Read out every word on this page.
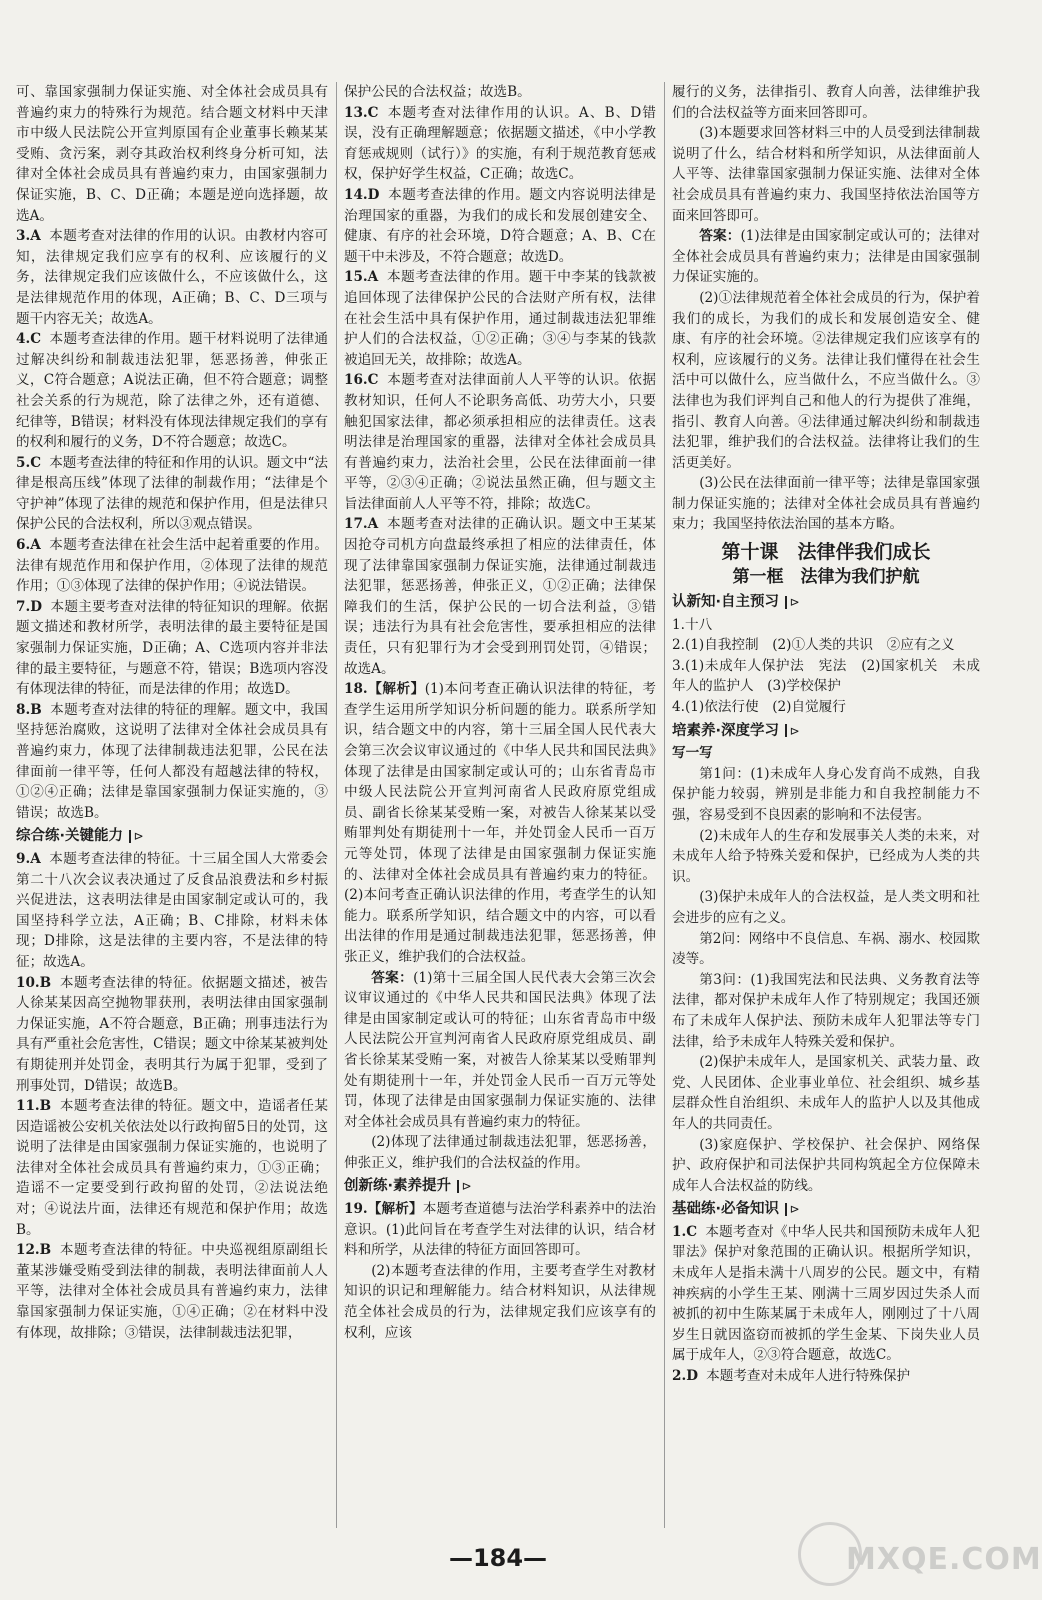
可、靠国家强制力保证实施、对全体社会成员具有普遍约束力的特殊行为规范。结合题文材料中天津市中级人民法院公开宣判原国有企业董事长赖某某受贿、贪污案，剥夺其政治权利终身分析可知，法律对全体社会成员具有普遍约束力，由国家强制力保证实施，B、C、D正确；本题是逆向选择题，故选A。

3.A 本题考查对法律的作用的认识。由教材内容可知，法律规定我们应享有的权利、应该履行的义务，法律规定我们应该做什么，不应该做什么，这是法律规范作用的体现，A正确；B、C、D三项与题干内容无关；故选A。

4.C 本题考查法律的作用。题干材料说明了法律通过解决纠纷和制裁违法犯罪，惩恶扬善，伸张正义，C符合题意；A说法正确，但不符合题意；调整社会关系的行为规范，除了法律之外，还有道德、纪律等，B错误；材料没有体现法律规定我们的享有的权利和履行的义务，D不符合题意；故选C。

5.C 本题考查法律的特征和作用的认识。题文中“法律是根高压线”体现了法律的制裁作用；“法律是个守护神”体现了法律的规范和保护作用，但是法律只保护公民的合法权利，所以③观点错误。

6.A 本题考查法律在社会生活中起着重要的作用。法律有规范作用和保护作用，②体现了法律的规范作用；①③体现了法律的保护作用；④说法错误。

7.D 本题主要考查对法律的特征知识的理解。依据题文描述和教材所学，表明法律的最主要特征是国家强制力保证实施，D正确；A、C选项内容并非法律的最主要特征，与题意不符，错误；B选项内容没有体现法律的特征，而是法律的作用；故选D。

8.B 本题考查对法律的特征的理解。题文中，我国坚持惩治腐败，这说明了法律对全体社会成员具有普遍约束力，体现了法律制裁违法犯罪，公民在法律面前一律平等，任何人都没有超越法律的特权，①②④正确；法律是靠国家强制力保证实施的，③错误；故选B。

综合练·关键能力 ⊳

9.A 本题考查法律的特征。十三届全国人大常委会第二十八次会议表决通过了反食品浪费法和乡村振兴促进法，这表明法律是由国家制定或认可的，我国坚持科学立法，A正确；B、C排除，材料未体现；D排除，这是法律的主要内容，不是法律的特征；故选A。

10.B 本题考查法律的特征。依据题文描述，被告人徐某某因高空抛物罪获刑，表明法律由国家强制力保证实施，A不符合题意，B正确；刑事违法行为具有严重社会危害性，C错误；题文中徐某某被判处有期徒刑并处罚金，表明其行为属于犯罪，受到了刑事处罚，D错误；故选B。

11.B 本题考查法律的特征。题文中，造谣者任某因造谣被公安机关依法处以行政拘留5日的处罚，这说明了法律是由国家强制力保证实施的，也说明了法律对全体社会成员具有普遍约束力，①③正确；造谣不一定要受到行政拘留的处罚，②法说法绝对；④说法片面，法律还有规范和保护作用；故选B。

12.B 本题考查法律的特征。中央巡视组原副组长董某涉嫌受贿受到法律的制裁，表明法律面前人人平等，法律对全体社会成员具有普遍约束力，法律靠国家强制力保证实施，①④正确；②在材料中没有体现，故排除；③错误，法律制裁违法犯罪，

保护公民的合法权益；故选B。

13.C 本题考查对法律作用的认识。A、B、D错误，没有正确理解题意；依据题文描述，《中小学教育惩戒规则（试行）》的实施，有利于规范教育惩戒权，保护好学生权益，C正确；故选C。

14.D 本题考查法律的作用。题文内容说明法律是治理国家的重器，为我们的成长和发展创建安全、健康、有序的社会环境，D符合题意；A、B、C在题干中未涉及，不符合题意；故选D。

15.A 本题考查法律的作用。题干中李某的钱款被追回体现了法律保护公民的合法财产所有权，法律在社会生活中具有保护作用，通过制裁违法犯罪维护人们的合法权益，①②正确；③④与李某的钱款被追回无关，故排除；故选A。

16.C 本题考查对法律面前人人平等的认识。依据教材知识，任何人不论职务高低、功劳大小，只要触犯国家法律，都必须承担相应的法律责任。这表明法律是治理国家的重器，法律对全体社会成员具有普遍约束力，法治社会里，公民在法律面前一律平等，②③④正确；②说法虽然正确，但与题文主旨法律面前人人平等不符，排除；故选C。

17.A 本题考查对法律的正确认识。题文中王某某因抢夺司机方向盘最终承担了相应的法律责任，体现了法律靠国家强制力保证实施，法律通过制裁违法犯罪，惩恶扬善，伸张正义，①②正确；法律保障我们的生活，保护公民的一切合法利益，③错误；违法行为具有社会危害性，要承担相应的法律责任，只有犯罪行为才会受到刑罚处罚，④错误；故选A。

18.【解析】(1)本问考查正确认识法律的特征，考查学生运用所学知识分析问题的能力。联系所学知识，结合题文中的内容，第十三届全国人民代表大会第三次会议审议通过的《中华人民共和国民法典》体现了法律是由国家制定或认可的；山东省青岛市中级人民法院公开宣判河南省人民政府原党组成员、副省长徐某某受贿一案，对被告人徐某某以受贿罪判处有期徒刑十一年，并处罚金人民币一百万元等处罚，体现了法律是由国家强制力保证实施的、法律对全体社会成员具有普遍约束力的特征。(2)本问考查正确认识法律的作用，考查学生的认知能力。联系所学知识，结合题文中的内容，可以看出法律的作用是通过制裁违法犯罪，惩恶扬善，伸张正义，维护我们的合法权益。

答案：(1)第十三届全国人民代表大会第三次会议审议通过的《中华人民共和国民法典》体现了法律是由国家制定或认可的特征；山东省青岛市中级人民法院公开宣判河南省人民政府原党组成员、副省长徐某某受贿一案，对被告人徐某某以受贿罪判处有期徒刑十一年，并处罚金人民币一百万元等处罚，体现了法律是由国家强制力保证实施的、法律对全体社会成员具有普遍约束力的特征。

(2)体现了法律通过制裁违法犯罪，惩恶扬善，伸张正义，维护我们的合法权益的作用。

创新练·素养提升 ⊳

19.【解析】本题考查道德与法治学科素养中的法治意识。(1)此问旨在考查学生对法律的认识，结合材料和所学，从法律的特征方面回答即可。

(2)本题考查法律的作用，主要考查学生对教材知识的识记和理解能力。结合材料知识，从法律规范全体社会成员的行为，法律规定我们应该享有的权利，应该

履行的义务，法律指引、教育人向善，法律维护我们的合法权益等方面来回答即可。

(3)本题要求回答材料三中的人员受到法律制裁说明了什么，结合材料和所学知识，从法律面前人人平等、法律靠国家强制力保证实施、法律对全体社会成员具有普遍约束力、我国坚持依法治国等方面来回答即可。

答案：(1)法律是由国家制定或认可的；法律对全体社会成员具有普遍约束力；法律是由国家强制力保证实施的。

(2)①法律规范着全体社会成员的行为，保护着我们的成长，为我们的成长和发展创造安全、健康、有序的社会环境。②法律规定我们应该享有的权利，应该履行的义务。法律让我们懂得在社会生活中可以做什么，应当做什么，不应当做什么。③法律也为我们评判自己和他人的行为提供了准绳，指引、教育人向善。④法律通过解决纠纷和制裁违法犯罪，维护我们的合法权益。法律将让我们的生活更美好。

(3)公民在法律面前一律平等；法律是靠国家强制力保证实施的；法律对全体社会成员具有普遍约束力；我国坚持依法治国的基本方略。

第十课　法律伴我们成长
第一框　法律为我们护航
认新知·自主预习 ⊳

1.十八

2.(1)自我控制　(2)①人类的共识　②应有之义

3.(1)未成年人保护法　宪法　(2)国家机关　未成年人的监护人　(3)学校保护

4.(1)依法行使　(2)自觉履行

培素养·深度学习 ⊳

写一写

第1问：(1)未成年人身心发育尚不成熟，自我保护能力较弱，辨别是非能力和自我控制能力不强，容易受到不良因素的影响和不法侵害。

(2)未成年人的生存和发展事关人类的未来，对未成年人给予特殊关爱和保护，已经成为人类的共识。

(3)保护未成年人的合法权益，是人类文明和社会进步的应有之义。

第2问：网络中不良信息、车祸、溺水、校园欺凌等。

第3问：(1)我国宪法和民法典、义务教育法等法律，都对保护未成年人作了特别规定；我国还颁布了未成年人保护法、预防未成年人犯罪法等专门法律，给予未成年人特殊关爱和保护。

(2)保护未成年人，是国家机关、武装力量、政党、人民团体、企业事业单位、社会组织、城乡基层群众性自治组织、未成年人的监护人以及其他成年人的共同责任。

(3)家庭保护、学校保护、社会保护、网络保护、政府保护和司法保护共同构筑起全方位保障未成年人合法权益的防线。

基础练·必备知识 ⊳

1.C 本题考查对《中华人民共和国预防未成年人犯罪法》保护对象范围的正确认识。根据所学知识，未成年人是指未满十八周岁的公民。题文中，有精神疾病的小学生王某、刚满十三周岁因过失杀人而被抓的初中生陈某属于未成年人，刚刚过了十八周岁生日就因盗窃而被抓的学生金某、下岗失业人员属于成年人，②③符合题意，故选C。

2.D 本题考查对未成年人进行特殊保护

—184—	MXQE.COM
